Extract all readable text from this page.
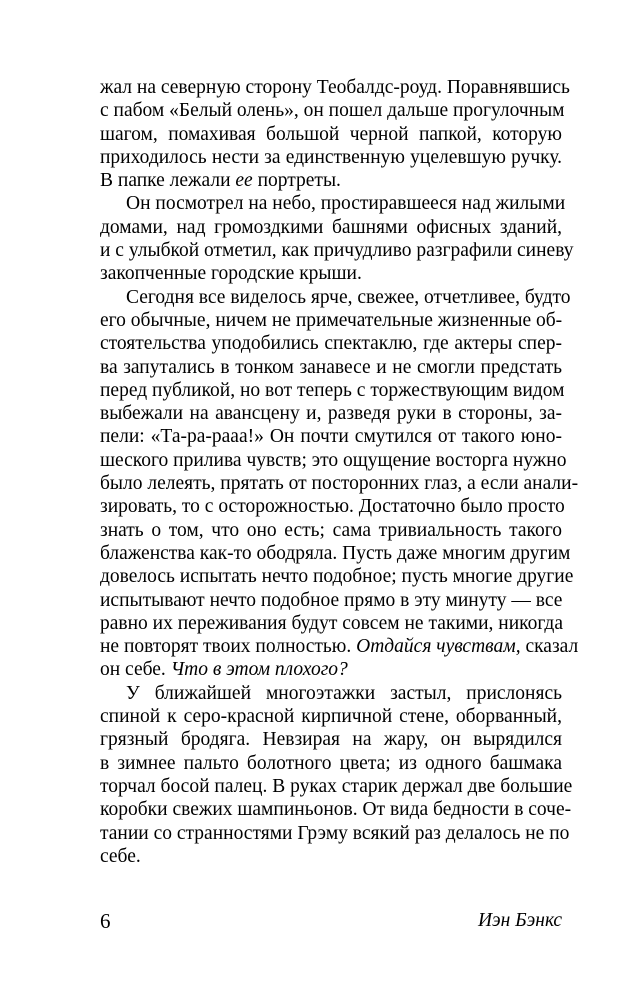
жал на северную сторону Теобалдс-роуд. Поравнявшись
с пабом «Белый олень», он пошел дальше прогулочным
шагом, помахивая большой черной папкой, которую
приходилось нести за единственную уцелевшую ручку.
В папке лежали ее портреты.
Он посмотрел на небо, простиравшееся над жилыми
домами, над громоздкими башнями офисных зданий,
и с улыбкой отметил, как причудливо разграфили синеву
закопченные городские крыши.
Сегодня все виделось ярче, свежее, отчетливее, будто
его обычные, ничем не примечательные жизненные об-
стоятельства уподобились спектаклю, где актеры спер-
ва запутались в тонком занавесе и не смогли предстать
перед публикой, но вот теперь с торжествующим видом
выбежали на авансцену и, разведя руки в стороны, за-
пели: «Та-ра-рааа!» Он почти смутился от такого юно-
шеского прилива чувств; это ощущение восторга нужно
было лелеять, прятать от посторонних глаз, а если анали-
зировать, то с осторожностью. Достаточно было просто
знать о том, что оно есть; сама тривиальность такого
блаженства как-то ободряла. Пусть даже многим другим
довелось испытать нечто подобное; пусть многие другие
испытывают нечто подобное прямо в эту минуту — все
равно их переживания будут совсем не такими, никогда
не повторят твоих полностью. Отдайся чувствам, сказал
он себе. Что в этом плохого?
У ближайшей многоэтажки застыл, прислонясь
спиной к серо-красной кирпичной стене, оборванный,
грязный бродяга. Невзирая на жару, он вырядился
в зимнее пальто болотного цвета; из одного башмака
торчал босой палец. В руках старик держал две большие
коробки свежих шампиньонов. От вида бедности в сочe-
тании со странностями Грэму всякий раз делалось не по
себе.
6	Иэн Бэнкс
